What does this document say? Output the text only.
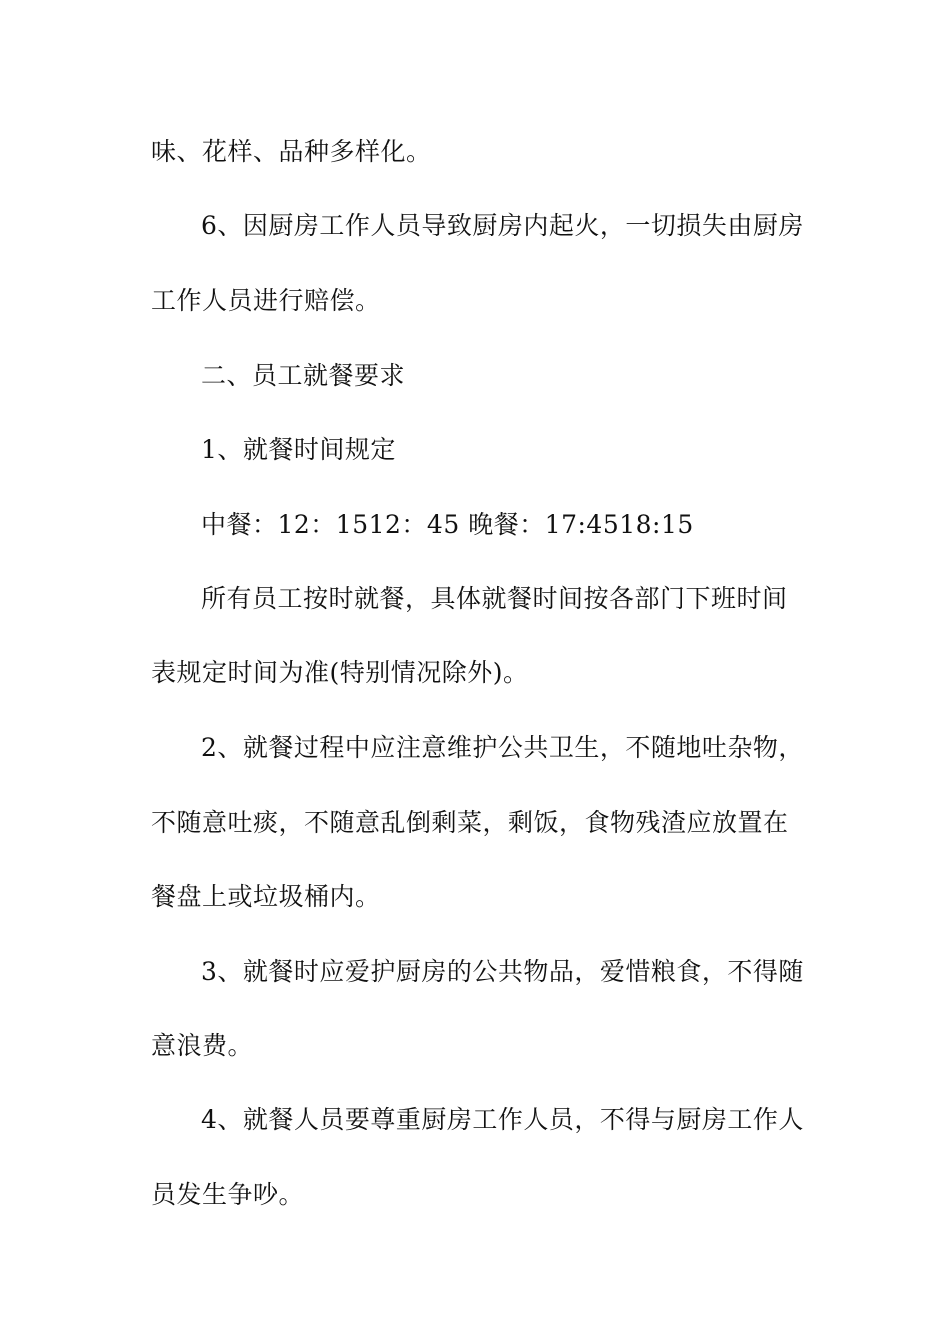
味、花样、品种多样化。
6、因厨房工作人员导致厨房内起火，一切损失由厨房
工作人员进行赔偿。
二、员工就餐要求
1、就餐时间规定
中餐：12：1512：45 晚餐：17:4518:15
所有员工按时就餐，具体就餐时间按各部门下班时间
表规定时间为准(特别情况除外)。
2、就餐过程中应注意维护公共卫生，不随地吐杂物，
不随意吐痰，不随意乱倒剩菜，剩饭，食物残渣应放置在
餐盘上或垃圾桶内。
3、就餐时应爱护厨房的公共物品，爱惜粮食，不得随
意浪费。
4、就餐人员要尊重厨房工作人员，不得与厨房工作人
员发生争吵。
